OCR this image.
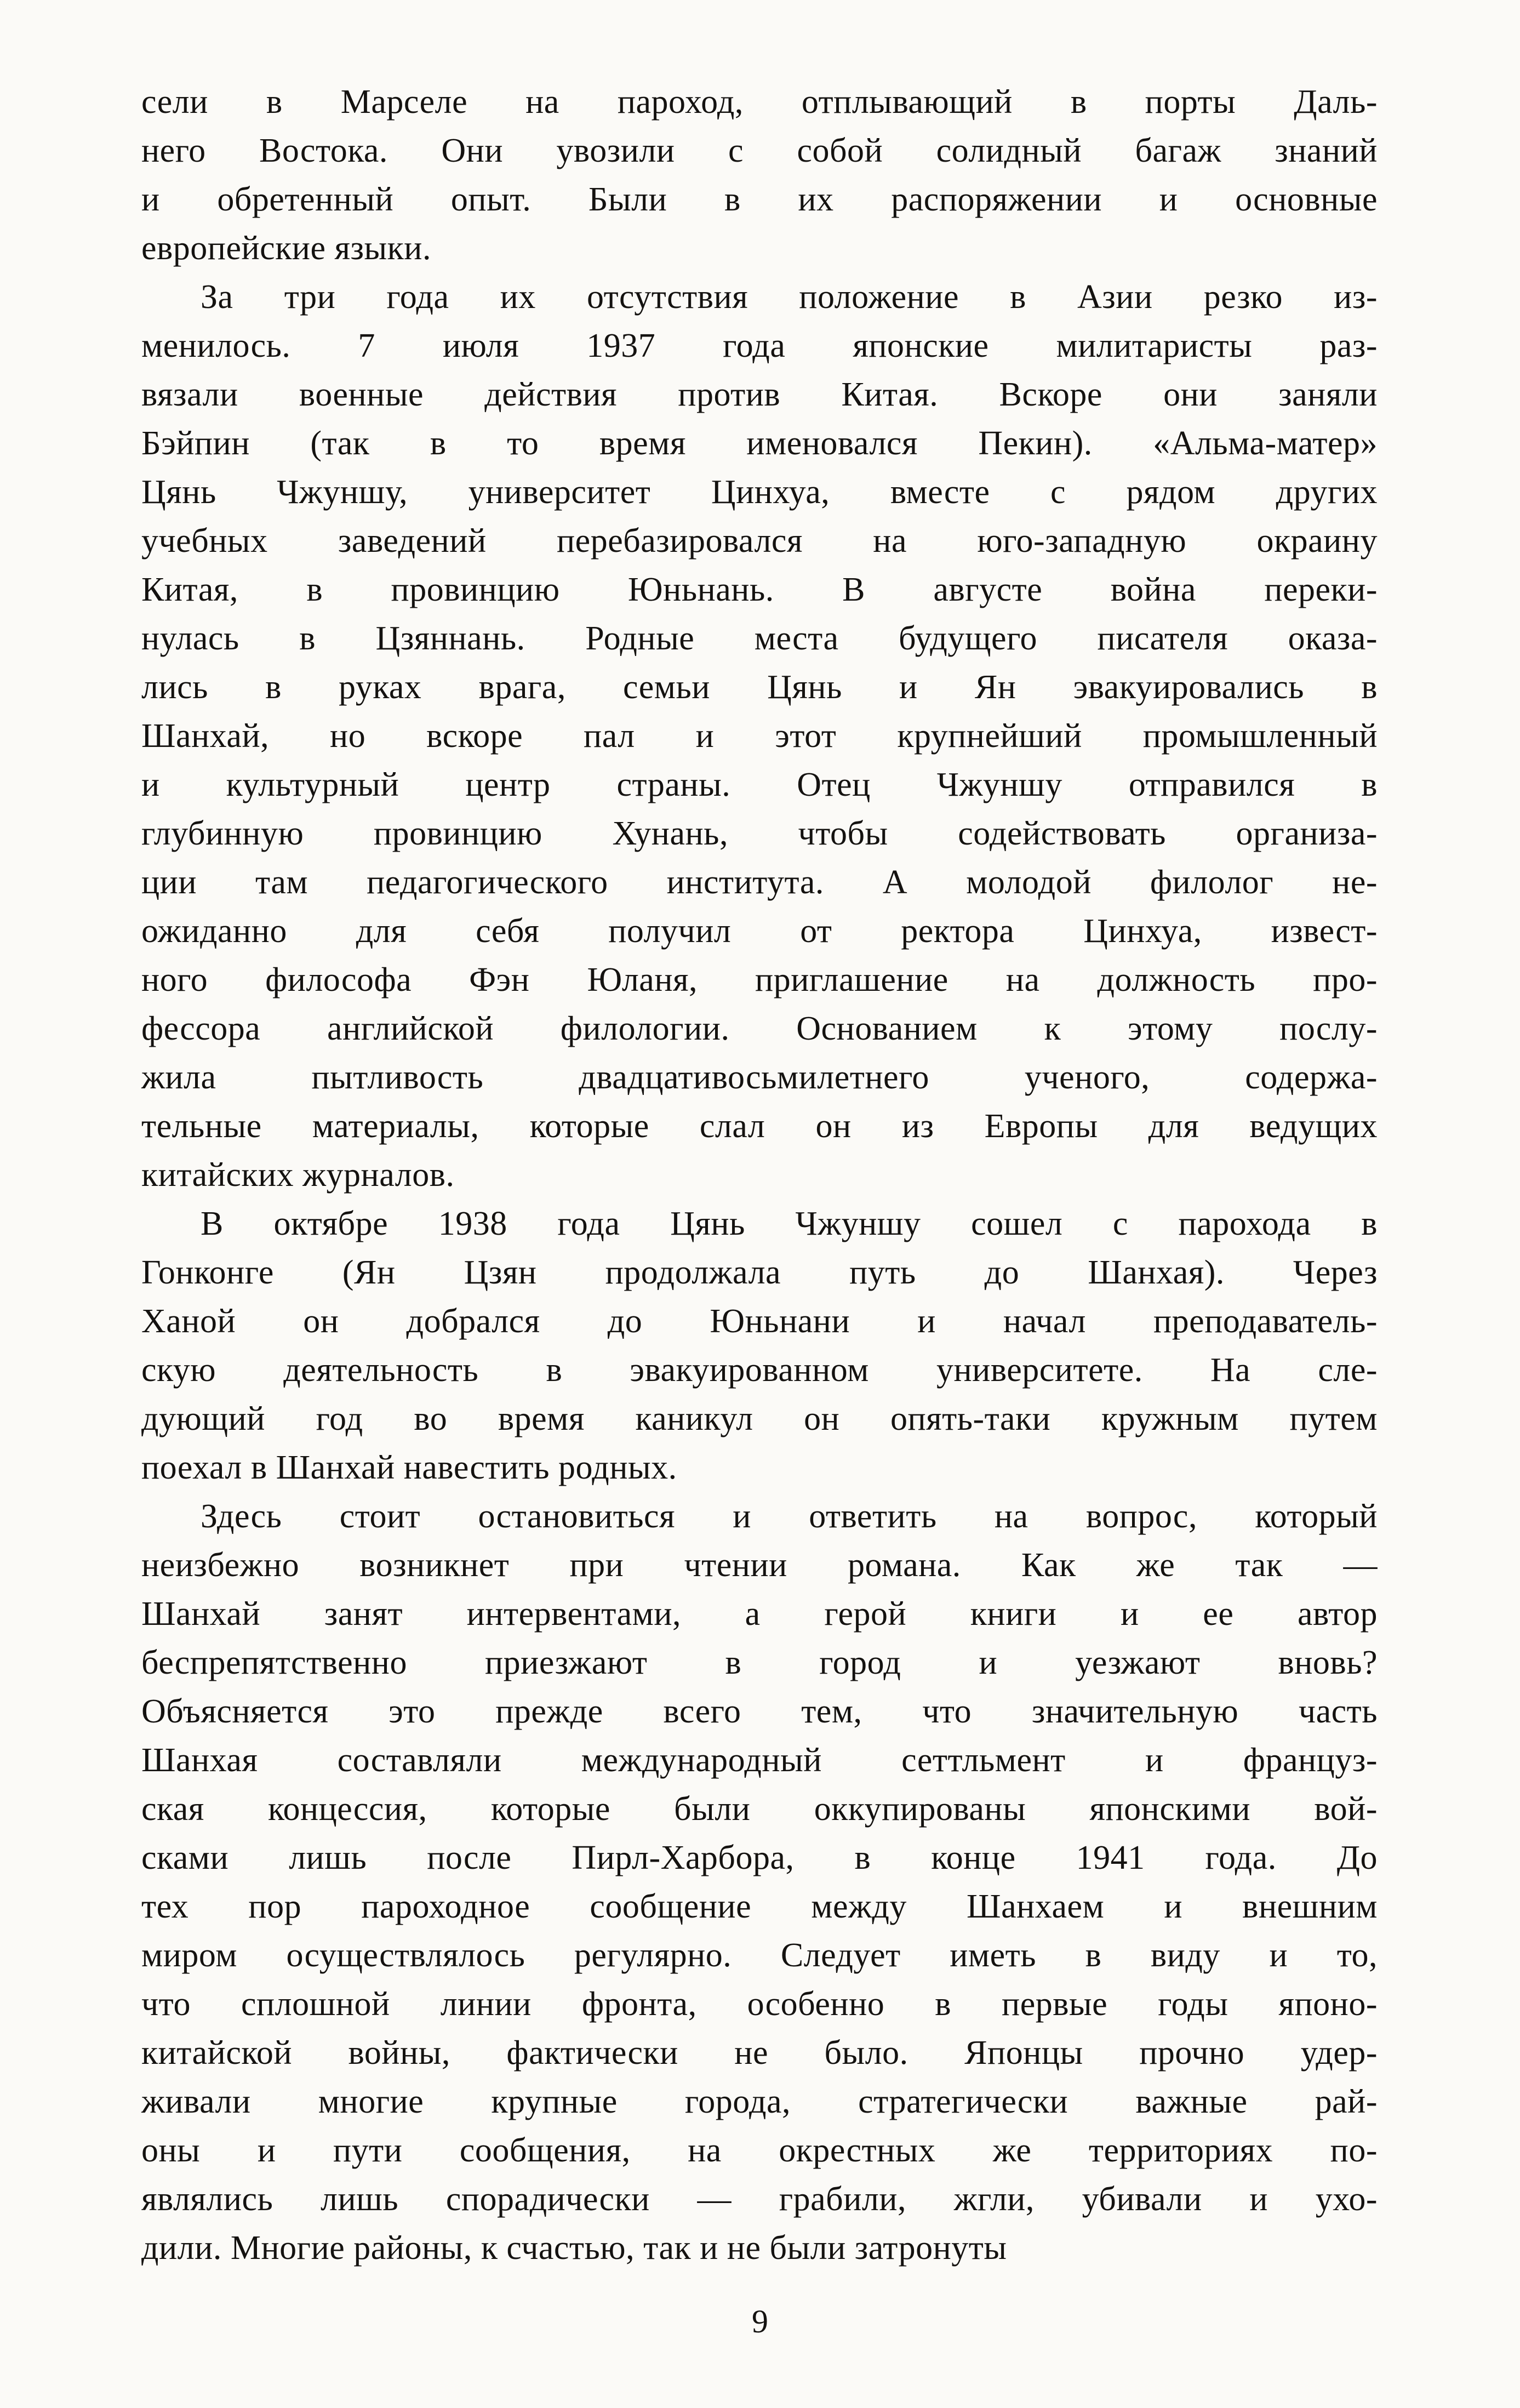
сели в Марселе на пароход, отплывающий в порты Даль-
него Востока. Они увозили с собой солидный багаж знаний
и обретенный опыт. Были в их распоряжении и основные
европейские языки.
За три года их отсутствия положение в Азии резко из-
менилось. 7 июля 1937 года японские милитаристы раз-
вязали военные действия против Китая. Вскоре они заняли
Бэйпин (так в то время именовался Пекин). «Альма-матер»
Цянь Чжуншу, университет Цинхуа, вместе с рядом других
учебных заведений перебазировался на юго-западную окраину
Китая, в провинцию Юньнань. В августе война переки-
нулась в Цзяннань. Родные места будущего писателя оказа-
лись в руках врага, семьи Цянь и Ян эвакуировались в
Шанхай, но вскоре пал и этот крупнейший промышленный
и культурный центр страны. Отец Чжуншу отправился в
глубинную провинцию Хунань, чтобы содействовать организа-
ции там педагогического института. А молодой филолог не-
ожиданно для себя получил от ректора Цинхуа, извест-
ного философа Фэн Юланя, приглашение на должность про-
фессора английской филологии. Основанием к этому послу-
жила пытливость двадцативосьмилетнего ученого, содержа-
тельные материалы, которые слал он из Европы для ведущих
китайских журналов.
В октябре 1938 года Цянь Чжуншу сошел с парохода в
Гонконге (Ян Цзян продолжала путь до Шанхая). Через
Ханой он добрался до Юньнани и начал преподаватель-
скую деятельность в эвакуированном университете. На сле-
дующий год во время каникул он опять-таки кружным путем
поехал в Шанхай навестить родных.
Здесь стоит остановиться и ответить на вопрос, который
неизбежно возникнет при чтении романа. Как же так —
Шанхай занят интервентами, а герой книги и ее автор
беспрепятственно приезжают в город и уезжают вновь?
Объясняется это прежде всего тем, что значительную часть
Шанхая составляли международный сеттльмент и француз-
ская концессия, которые были оккупированы японскими вой-
сками лишь после Пирл-Харбора, в конце 1941 года. До
тех пор пароходное сообщение между Шанхаем и внешним
миром осуществлялось регулярно. Следует иметь в виду и то,
что сплошной линии фронта, особенно в первые годы японо-
китайской войны, фактически не было. Японцы прочно удер-
живали многие крупные города, стратегически важные рай-
оны и пути сообщения, на окрестных же территориях по-
являлись лишь спорадически — грабили, жгли, убивали и ухо-
дили. Многие районы, к счастью, так и не были затронуты
9
